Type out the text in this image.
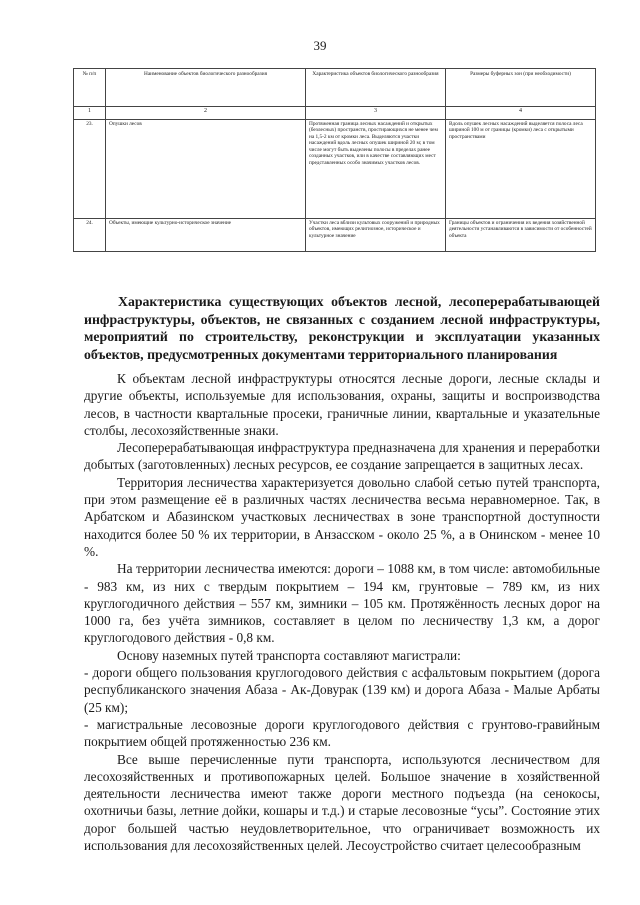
39
№ п/п	Наименование объектов биологического разнообразия	Характеристика объектов биологического разнообразия	Размеры буферных зон (при необходимости)
1	2	3	4
23.	Опушки лесов	Протяженная граница лесных насаждений и открытых (безлесных) пространств, простирающихся не менее чем на 1,5-2 км от кромки леса. Выделяются участки насаждений вдоль лесных опушек шириной 20 м; в том числе могут быть выделены полосы в пределах ранее созданных участков, или в качестве составляющих мест представленных особо значимых участков лесов.	Вдоль опушек лесных насаждений выделяется полоса леса шириной 100 м от границы (кромки) леса с открытыми пространствами
24.	Объекты, имеющие культурно-историческое значение	Участки леса вблизи культовых сооружений и природных объектов, имеющих религиозное, историческое и культурное значение	Границы объектов и ограничения их ведения хозяйственной деятельности устанавливаются в зависимости от особенностей объекта

Характеристика существующих объектов лесной, лесоперерабатывающей инфраструктуры, объектов, не связанных с созданием лесной инфраструктуры, мероприятий по строительству, реконструкции и эксплуатации указанных объектов, предусмотренных документами территориального планирования

К объектам лесной инфраструктуры относятся лесные дороги, лесные склады и другие объекты, используемые для использования, охраны, защиты и воспроизводства лесов, в частности квартальные просеки, граничные линии, квартальные и указательные столбы, лесохозяйственные знаки.

Лесоперерабатывающая инфраструктура предназначена для хранения и переработки добытых (заготовленных) лесных ресурсов, ее создание запрещается в защитных лесах.

Территория лесничества характеризуется довольно слабой сетью путей транспорта, при этом размещение её в различных частях лесничества весьма неравномерное. Так, в Арбатском и Абазинском участковых лесничествах в зоне транспортной доступности находится более 50 % их территории, в Анзасском - около 25 %, а в Онинском - менее 10 %.

На территории лесничества имеются: дороги – 1088 км, в том числе: автомобильные - 983 км, из них с твердым покрытием – 194 км, грунтовые – 789 км, из них круглогодичного действия – 557 км, зимники – 105 км. Протяжённость лесных дорог на 1000 га, без учёта зимников, составляет в целом по лесничеству 1,3 км, а дорог круглогодового действия - 0,8 км.

Основу наземных путей транспорта составляют магистрали:

- дороги общего пользования круглогодового действия с асфальтовым покрытием (дорога республиканского значения Абаза - Ак-Довурак (139 км) и дорога Абаза - Малые Арбаты (25 км);

- магистральные лесовозные дороги круглогодового действия с грунтово-гравийным покрытием общей протяженностью 236 км.

Все выше перечисленные пути транспорта, используются лесничеством для лесохозяйственных и противопожарных целей. Большое значение в хозяйственной деятельности лесничества имеют также дороги местного подъезда (на сенокосы, охотничьи базы, летние дойки, кошары и т.д.) и старые лесовозные “усы”. Состояние этих дорог большей частью неудовлетворительное, что ограничивает возможность их использования для лесохозяйственных целей. Лесоустройство считает целесообразным
